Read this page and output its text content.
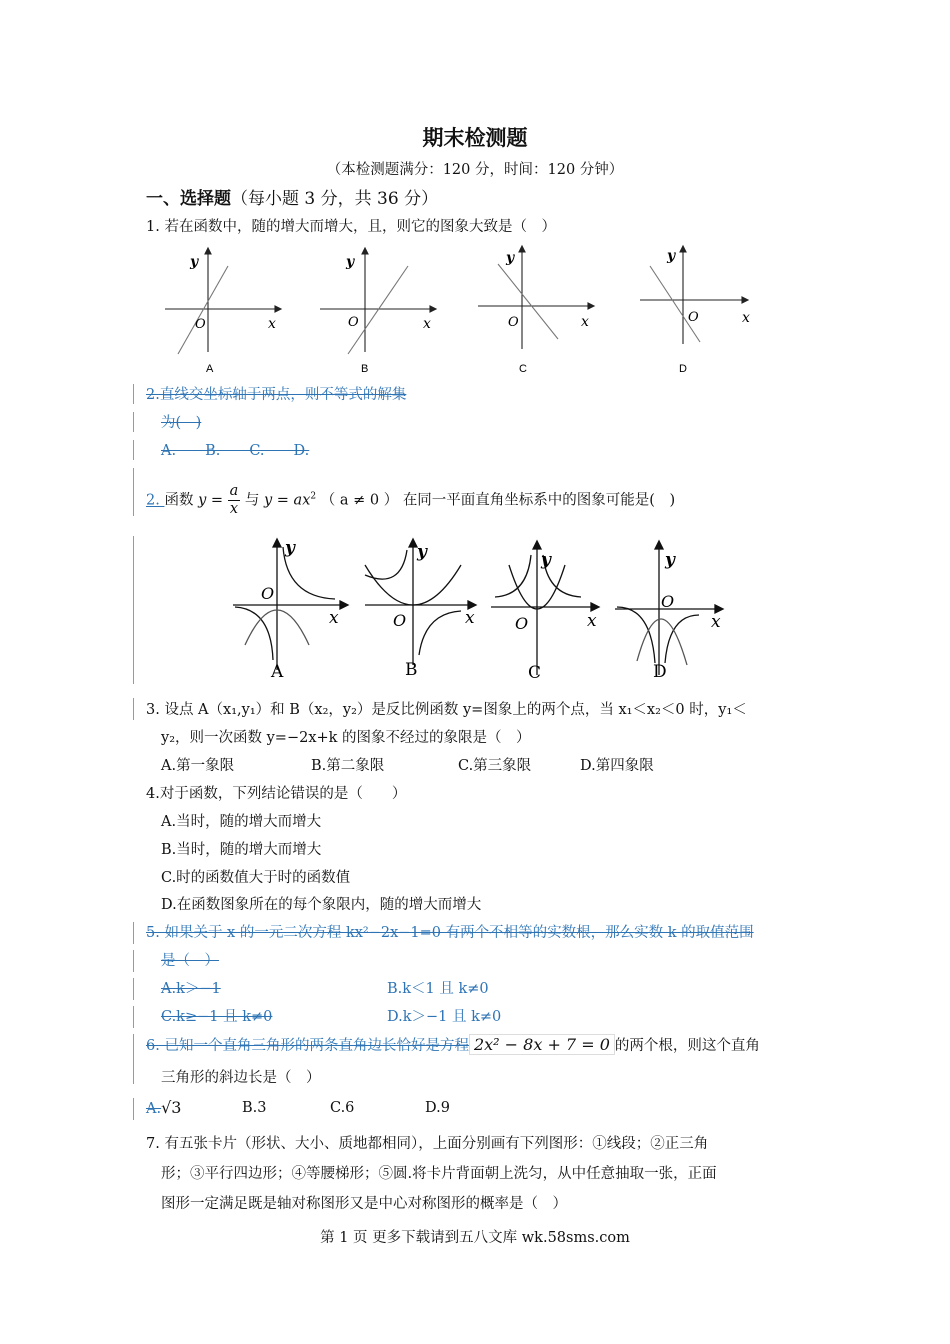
期末检测题
（本检测题满分：120 分，时间：120 分钟）
一、选择题（每小题 3 分，共 36 分）
1. 若在函数中，随的增大而增大，且，则它的图象大致是（　）
y
x
O
A
y
x
O
B
y
x
O
C
y
x
O
D
2.直线交坐标轴于两点，则不等式的解集
为(　)
A.　　B.　　C.　　D.
2. 函数 $y = \frac{a}{x}$ 与 $y = ax^2$ （ a ≠ 0 ） 在同一平面直角坐标系中的图象可能是(　)
y
x
O
A
y
x
O
B
y
x
O
C
y
x
O
D
3. 设点 A（x₁,y₁）和 B（x₂，y₂）是反比例函数 y=图象上的两个点，当 x₁＜x₂＜0 时，y₁＜
y₂，则一次函数 y=−2x+k 的图象不经过的象限是（　）
A.第一象限	B.第二象限	C.第三象限	D.第四象限
4.对于函数，下列结论错误的是（　　）
A.当时，随的增大而增大
B.当时，随的增大而增大
C.时的函数值大于时的函数值
D.在函数图象所在的每个象限内，随的增大而增大
5. 如果关于 x 的一元二次方程 kx²−2x−1=0 有两个不相等的实数根，那么实数 k 的取值范围
是（　）
A.k＞−1	B.k＜1 且 k≠0
C.k≥−1 且 k≠0	D.k＞−1 且 k≠0
6. 已知一个直角三角形的两条直角边长恰好是方程 2x² − 8x + 7 = 0 的两个根，则这个直角
三角形的斜边长是（　）
A.√3	B.3	C.6	D.9
7. 有五张卡片（形状、大小、质地都相同），上面分别画有下列图形：①线段；②正三角
形；③平行四边形；④等腰梯形；⑤圆.将卡片背面朝上洗匀，从中任意抽取一张，正面
图形一定满足既是轴对称图形又是中心对称图形的概率是（　）
第 1 页 更多下载请到五八文库 wk.58sms.com
